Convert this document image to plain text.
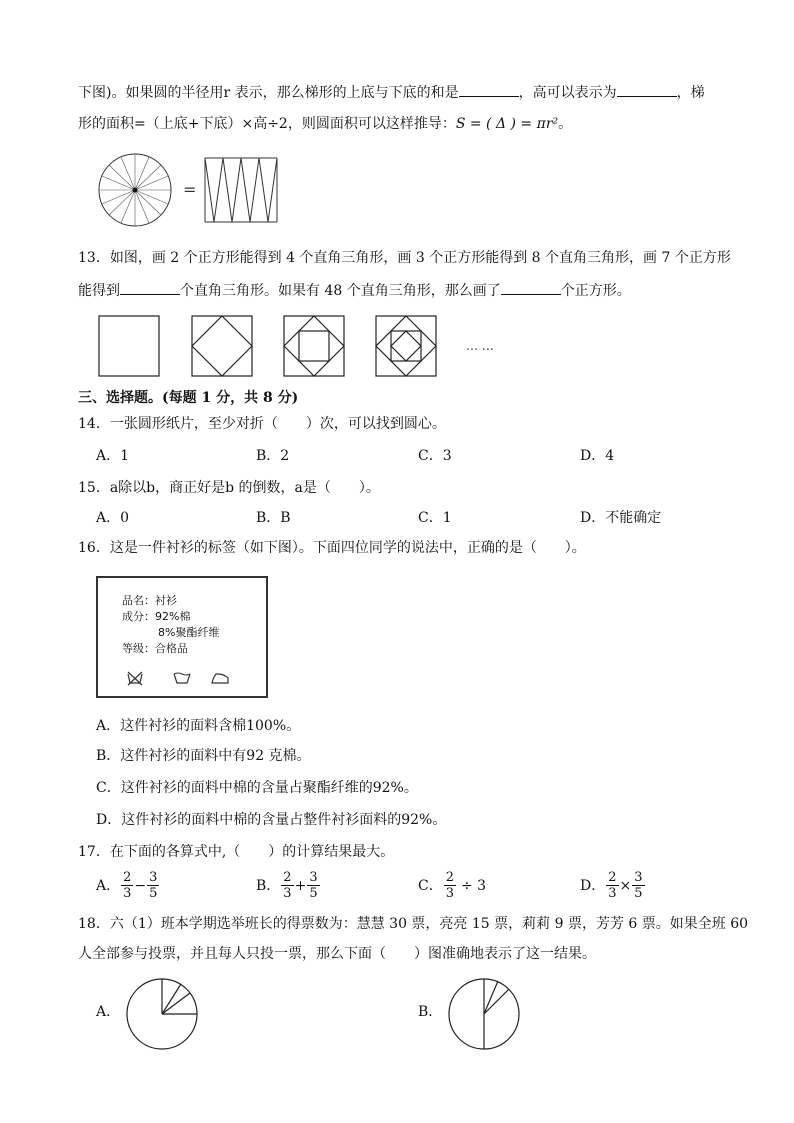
下图)。如果圆的半径用r 表示，那么梯形的上底与下底的和是	，高可以表示为	，梯
形的面积=（上底+下底）×高÷2，则圆面积可以这样推导：S = ( Δ ) = πr²。
=
13．如图，画 2 个正方形能得到 4 个直角三角形，画 3 个正方形能得到 8 个直角三角形，画 7 个正方形
能得到	个直角三角形。如果有 48 个直角三角形，那么画了	个正方形。
… …
三、选择题。(每题 1 分，共 8 分)
14．一张圆形纸片，至少对折（　　）次，可以找到圆心。
A．1	B．2	C．3	D．4
15．a除以b，商正好是b 的倒数，a是（　　）。
A．0	B．B	C．1	D．不能确定
16．这是一件衬衫的标签（如下图）。下面四位同学的说法中，正确的是（　　）。
品名：衬衫
成分：92%棉
8%聚酯纤维
等级：合格品
A．这件衬衫的面料含棉100%。
B．这件衬衫的面料中有92 克棉。
C．这件衬衫的面料中棉的含量占聚酯纤维的92%。
D．这件衬衫的面料中棉的含量占整件衬衫面料的92%。
17．在下面的各算式中,（　　）的计算结果最大。
A． $\frac{2}{3} - \frac{3}{5}$	B． $\frac{2}{3} + \frac{3}{5}$	C． $\frac{2}{3} \div 3$	D． $\frac{2}{3} \times \frac{3}{5}$
18．六（1）班本学期选举班长的得票数为：慧慧 30 票，亮亮 15 票，莉莉 9 票，芳芳 6 票。如果全班 60
人全部参与投票，并且每人只投一票，那么下面（　　）图准确地表示了这一结果。
A．	B．
